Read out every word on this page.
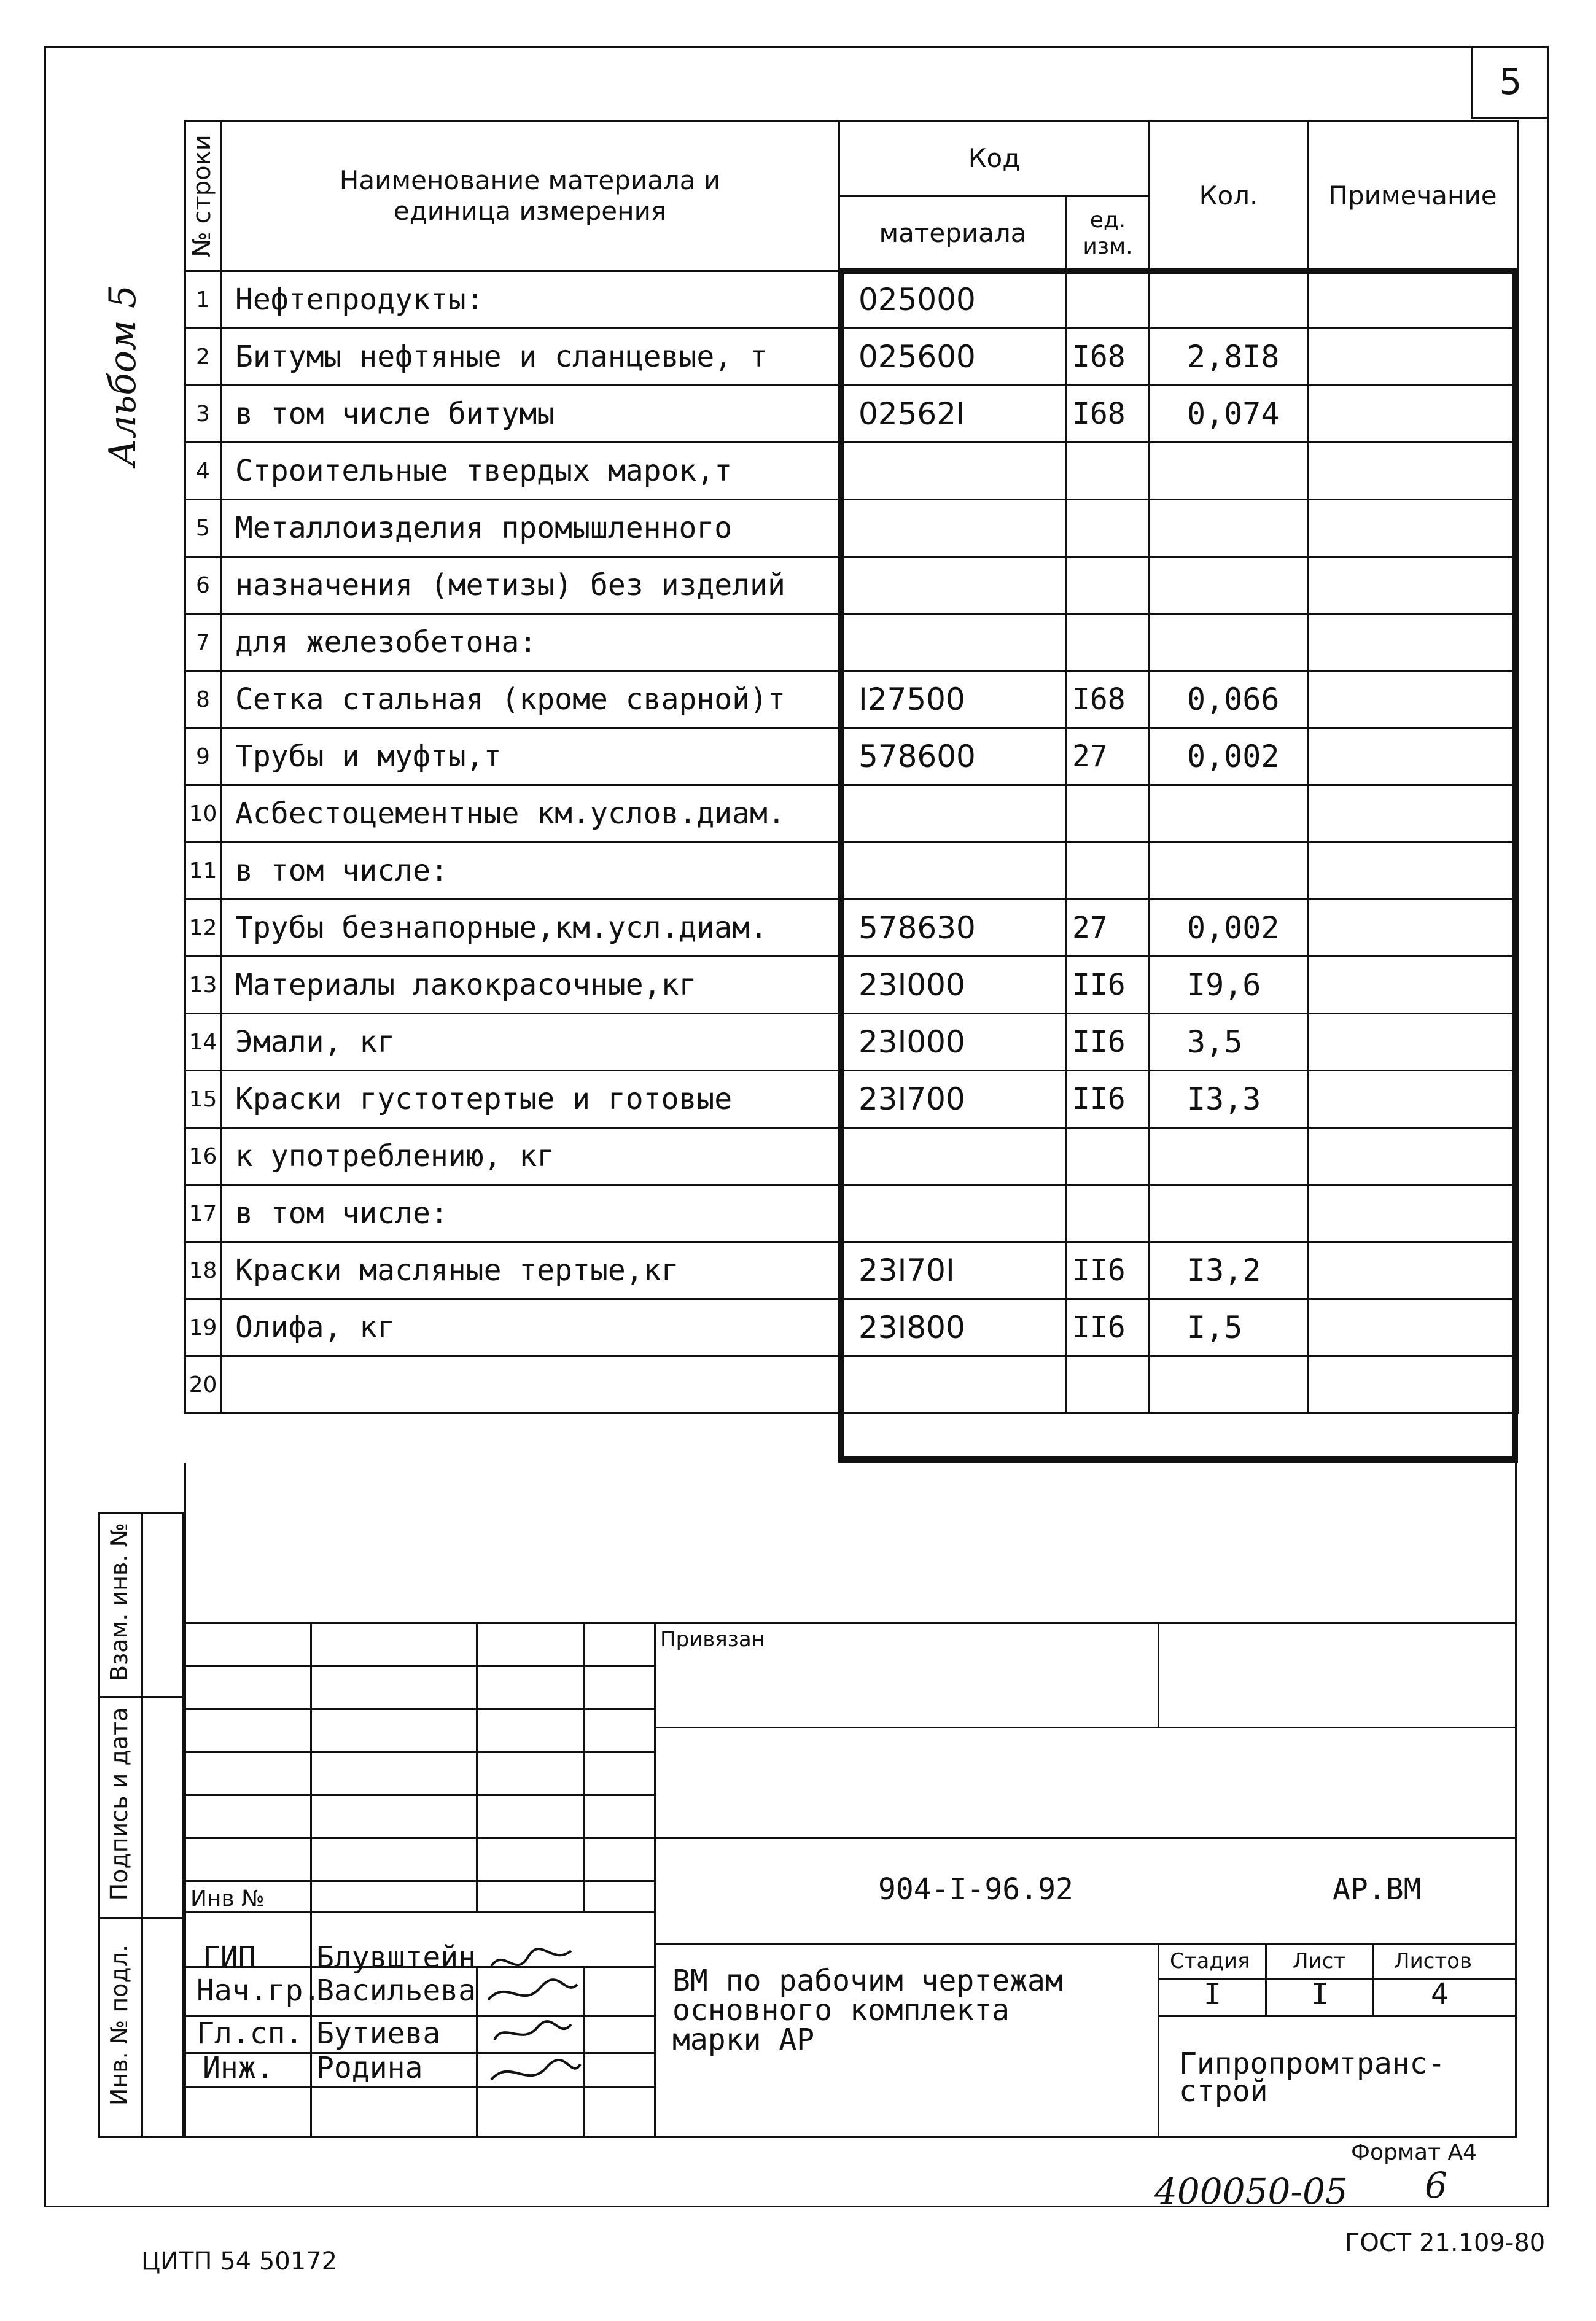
5
Альбом 5
№ строки	Наименование материала и единица измерения	Код		Кол.	Примечание
		материала	ед. изм.		
1	Нефтепродукты:	025000			
2	Битумы нефтяные и сланцевые, т	025600	I68	2,8I8	
3	в том числе битумы	02562I	I68	0,074	
4	Строительные твердых марок,т				
5	Металлоизделия промышленного				
6	назначения (метизы) без изделий				
7	для железобетона:				
8	Сетка стальная (кроме сварной)т	I27500	I68	0,066	
9	Трубы и муфты,т	578600	27	0,002	
10	Асбестоцементные км.услов.диам.				
11	в том числе:				
12	Трубы безнапорные,км.усл.диам.	578630	27	0,002	
13	Материалы лакокрасочные,кг	23I000	II6	I9,6	
14	Эмали, кг	23I000	II6	3,5	
15	Краски густотертые и готовые	23I700	II6	I3,3	
16	к употреблению, кг				
17	в том числе:				
18	Краски масляные тертые,кг	23I70I	II6	I3,2	
19	Олифа, кг	23I800	II6	I,5	
20					
Взам. инв. №
Подпись и дата
Инв. № подл.
Инв №
Привязан
904-I-96.92	АР.ВМ
ГИП Блувштейн
Нач.гр.
Васильева
Гл.сп. Бутиева
Инж. Родина
ВМ по рабочим чертежам
основного комплекта
марки АР
Стадия Лист Листов
I	I	4
Гипропромтранс-
строй
Формат А4
400050-05 6
ЦИТП 54 50172
ГОСТ 21.109-80
